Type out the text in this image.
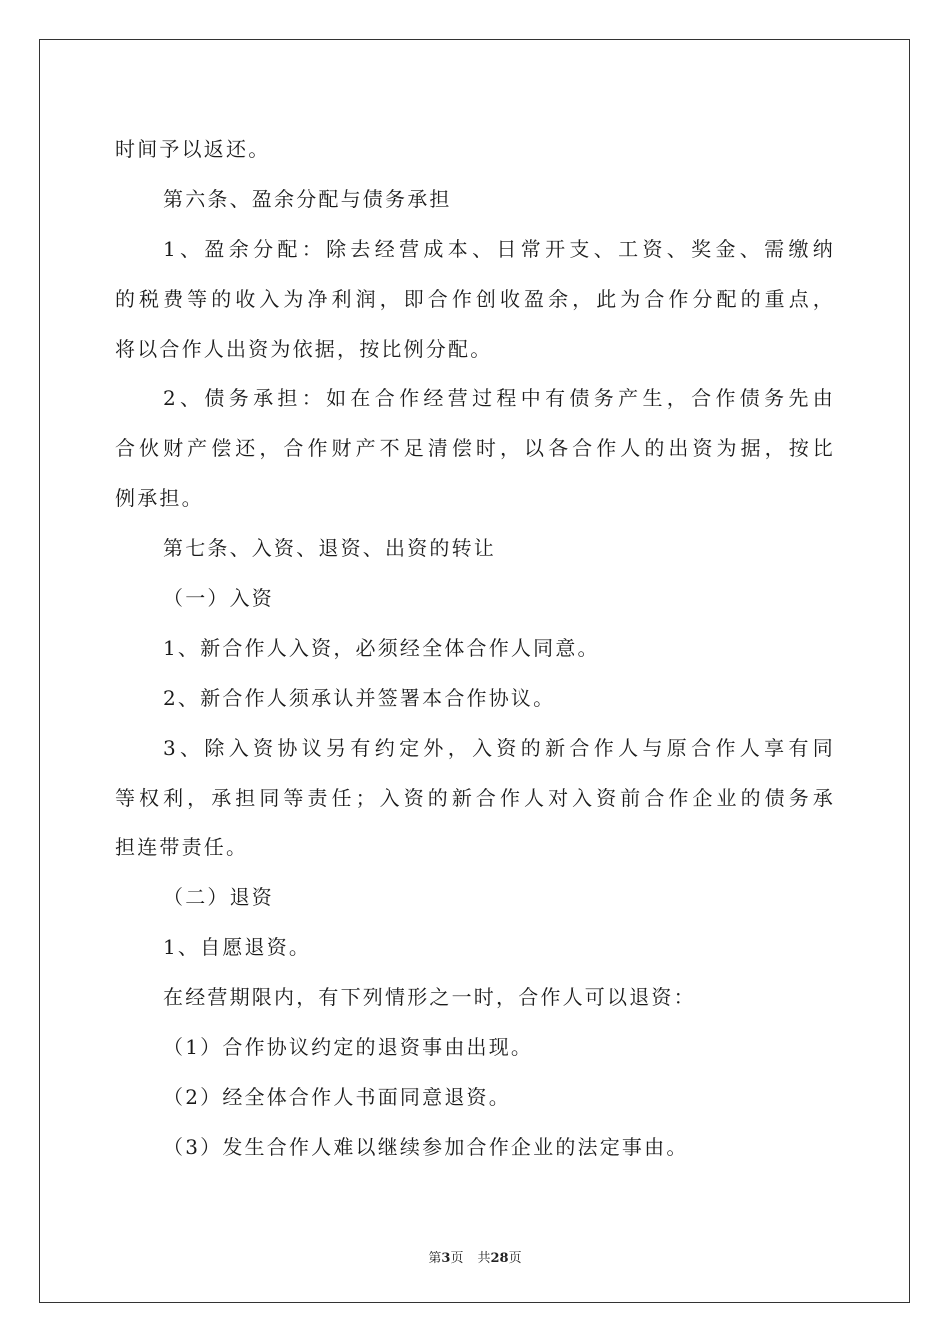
时间予以返还。
第六条、盈余分配与债务承担
1、盈余分配：除去经营成本、日常开支、工资、奖金、需缴纳
的税费等的收入为净利润，即合作创收盈余，此为合作分配的重点，
将以合作人出资为依据，按比例分配。
2、债务承担：如在合作经营过程中有债务产生，合作债务先由
合伙财产偿还，合作财产不足清偿时，以各合作人的出资为据，按比
例承担。
第七条、入资、退资、出资的转让
（一）入资
1、新合作人入资，必须经全体合作人同意。
2、新合作人须承认并签署本合作协议。
3、除入资协议另有约定外，入资的新合作人与原合作人享有同
等权利，承担同等责任；入资的新合作人对入资前合作企业的债务承
担连带责任。
（二）退资
1、自愿退资。
在经营期限内，有下列情形之一时，合作人可以退资：
（1）合作协议约定的退资事由出现。
（2）经全体合作人书面同意退资。
（3）发生合作人难以继续参加合作企业的法定事由。
第3页 共28页
